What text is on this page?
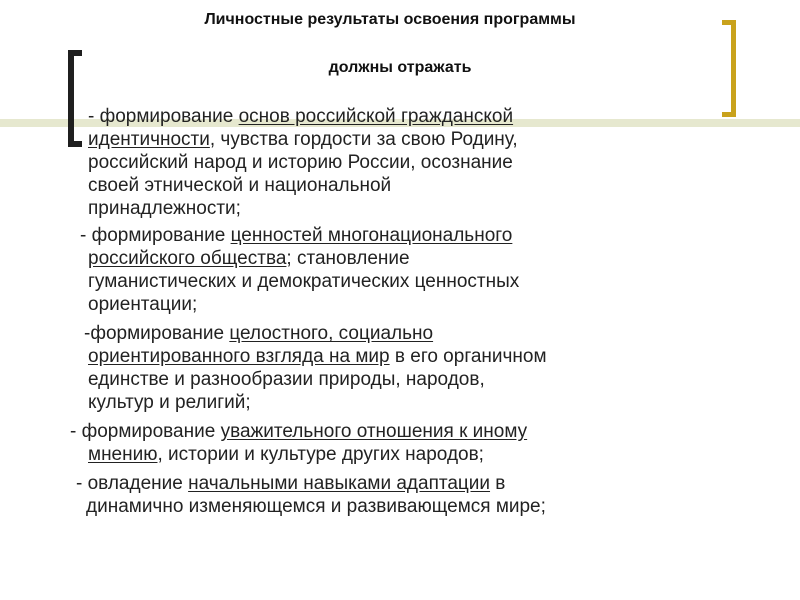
Личностные результаты освоения программы
должны отражать

- формирование основ российской гражданской
идентичности, чувства гордости за свою Родину,
российский народ и историю России, осознание
своей этнической и национальной
принадлежности;

- формирование ценностей многонационального
российского общества; становление
гуманистических и демократических ценностных
ориентации;

-формирование целостного, социально
ориентированного взгляда на мир в его органичном
единстве и разнообразии природы, народов,
культур и религий;

- формирование уважительного отношения к иному
мнению, истории и культуре других народов;

- овладение начальными навыками адаптации в
динамично изменяющемся и развивающемся мире;
